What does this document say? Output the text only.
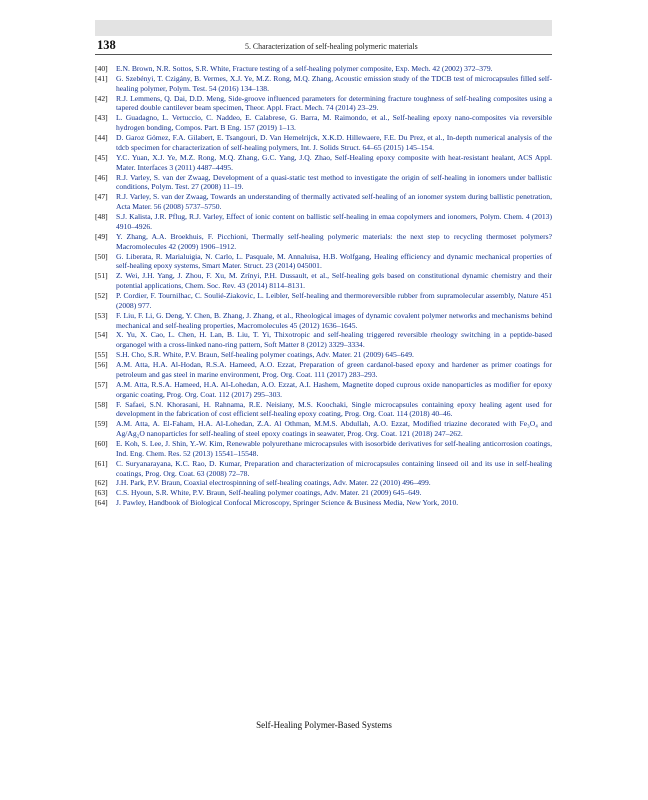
138	5. Characterization of self-healing polymeric materials
[40] E.N. Brown, N.R. Sottos, S.R. White, Fracture testing of a self-healing polymer composite, Exp. Mech. 42 (2002) 372–379.
[41] G. Szebényi, T. Czigány, B. Vermes, X.J. Ye, M.Z. Rong, M.Q. Zhang, Acoustic emission study of the TDCB test of microcapsules filled self-healing polymer, Polym. Test. 54 (2016) 134–138.
[42] R.J. Lemmens, Q. Dai, D.D. Meng, Side-groove influenced parameters for determining fracture toughness of self-healing composites using a tapered double cantilever beam specimen, Theor. Appl. Fract. Mech. 74 (2014) 23–29.
[43] L. Guadagno, L. Vertuccio, C. Naddeo, E. Calabrese, G. Barra, M. Raimondo, et al., Self-healing epoxy nano-composites via reversible hydrogen bonding, Compos. Part. B Eng. 157 (2019) 1–13.
[44] D. Garoz Gómez, F.A. Gilabert, E. Tsangouri, D. Van Hemelrijck, X.K.D. Hillewaere, F.E. Du Prez, et al., In-depth numerical analysis of the tdcb specimen for characterization of self-healing polymers, Int. J. Solids Struct. 64–65 (2015) 145–154.
[45] Y.C. Yuan, X.J. Ye, M.Z. Rong, M.Q. Zhang, G.C. Yang, J.Q. Zhao, Self-Healing epoxy composite with heat-resistant healant, ACS Appl. Mater. Interfaces 3 (2011) 4487–4495.
[46] R.J. Varley, S. van der Zwaag, Development of a quasi-static test method to investigate the origin of self-healing in ionomers under ballistic conditions, Polym. Test. 27 (2008) 11–19.
[47] R.J. Varley, S. van der Zwaag, Towards an understanding of thermally activated self-healing of an ionomer system during ballistic penetration, Acta Mater. 56 (2008) 5737–5750.
[48] S.J. Kalista, J.R. Pflug, R.J. Varley, Effect of ionic content on ballistic self-healing in emaa copolymers and ionomers, Polym. Chem. 4 (2013) 4910–4926.
[49] Y. Zhang, A.A. Broekhuis, F. Picchioni, Thermally self-healing polymeric materials: the next step to recycling thermoset polymers? Macromolecules 42 (2009) 1906–1912.
[50] G. Liberata, R. Marialuigia, N. Carlo, L. Pasquale, M. Annaluisa, H.B. Wolfgang, Healing efficiency and dynamic mechanical properties of self-healing epoxy systems, Smart Mater. Struct. 23 (2014) 045001.
[51] Z. Wei, J.H. Yang, J. Zhou, F. Xu, M. Zrínyi, P.H. Dussault, et al., Self-healing gels based on constitutional dynamic chemistry and their potential applications, Chem. Soc. Rev. 43 (2014) 8114–8131.
[52] P. Cordier, F. Tournilhac, C. Soulié-Ziakovic, L. Leibler, Self-healing and thermoreversible rubber from supramolecular assembly, Nature 451 (2008) 977.
[53] F. Liu, F. Li, G. Deng, Y. Chen, B. Zhang, J. Zhang, et al., Rheological images of dynamic covalent polymer networks and mechanisms behind mechanical and self-healing properties, Macromolecules 45 (2012) 1636–1645.
[54] X. Yu, X. Cao, L. Chen, H. Lan, B. Liu, T. Yi, Thixotropic and self-healing triggered reversible rheology switching in a peptide-based organogel with a cross-linked nano-ring pattern, Soft Matter 8 (2012) 3329–3334.
[55] S.H. Cho, S.R. White, P.V. Braun, Self-healing polymer coatings, Adv. Mater. 21 (2009) 645–649.
[56] A.M. Atta, H.A. Al-Hodan, R.S.A. Hameed, A.O. Ezzat, Preparation of green cardanol-based epoxy and hardener as primer coatings for petroleum and gas steel in marine environment, Prog. Org. Coat. 111 (2017) 283–293.
[57] A.M. Atta, R.S.A. Hameed, H.A. Al-Lohedan, A.O. Ezzat, A.I. Hashem, Magnetite doped cuprous oxide nanoparticles as modifier for epoxy organic coating, Prog. Org. Coat. 112 (2017) 295–303.
[58] F. Safaei, S.N. Khorasani, H. Rahnama, R.E. Neisiany, M.S. Koochaki, Single microcapsules containing epoxy healing agent used for development in the fabrication of cost efficient self-healing epoxy coating, Prog. Org. Coat. 114 (2018) 40–46.
[59] A.M. Atta, A. El-Faham, H.A. Al-Lohedan, Z.A. Al Othman, M.M.S. Abdullah, A.O. Ezzat, Modified triazine decorated with Fe₃O₄ and Ag/Ag₂O nanoparticles for self-healing of steel epoxy coatings in seawater, Prog. Org. Coat. 121 (2018) 247–262.
[60] E. Koh, S. Lee, J. Shin, Y.-W. Kim, Renewable polyurethane microcapsules with isosorbide derivatives for self-healing anticorrosion coatings, Ind. Eng. Chem. Res. 52 (2013) 15541–15548.
[61] C. Suryanarayana, K.C. Rao, D. Kumar, Preparation and characterization of microcapsules containing linseed oil and its use in self-healing coatings, Prog. Org. Coat. 63 (2008) 72–78.
[62] J.H. Park, P.V. Braun, Coaxial electrospinning of self-healing coatings, Adv. Mater. 22 (2010) 496–499.
[63] C.S. Hyoun, S.R. White, P.V. Braun, Self-healing polymer coatings, Adv. Mater. 21 (2009) 645–649.
[64] J. Pawley, Handbook of Biological Confocal Microscopy, Springer Science & Business Media, New York, 2010.
Self-Healing Polymer-Based Systems
